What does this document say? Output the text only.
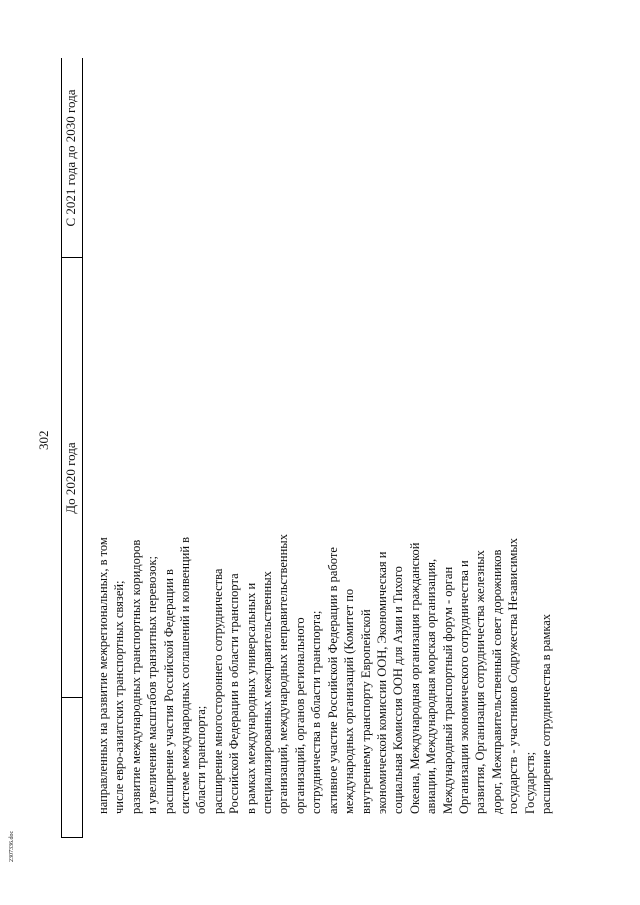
302
2307336.doc
До 2020 года
С 2021 года до 2030 года
направленных на развитие межрегиональных, в том числе евро-азиатских транспортных связей; развитие международных транспортных коридоров и увеличение масштабов транзитных перевозок; расширение участия Российской Федерации в системе международных соглашений и конвенций в области транспорта; расширение многостороннего сотрудничества Российской Федерации в области транспорта в рамках международных универсальных и специализированных межправительственных организаций, международных неправительственных организаций, органов регионального сотрудничества в области транспорта; активное участие Российской Федерации в работе международных организаций (Комитет по внутреннему транспорту Европейской экономической комиссии ООН, Экономическая и социальная Комиссия ООН для Азии и Тихого Океана, Международная организация гражданской авиации, Международная морская организация, Международный транспортный форум - орган Организации экономического сотрудничества и развития, Организация сотрудничества железных дорог, Межправительственный совет дорожников государств - участников Содружества Независимых Государств; расширение сотрудничества в рамках
